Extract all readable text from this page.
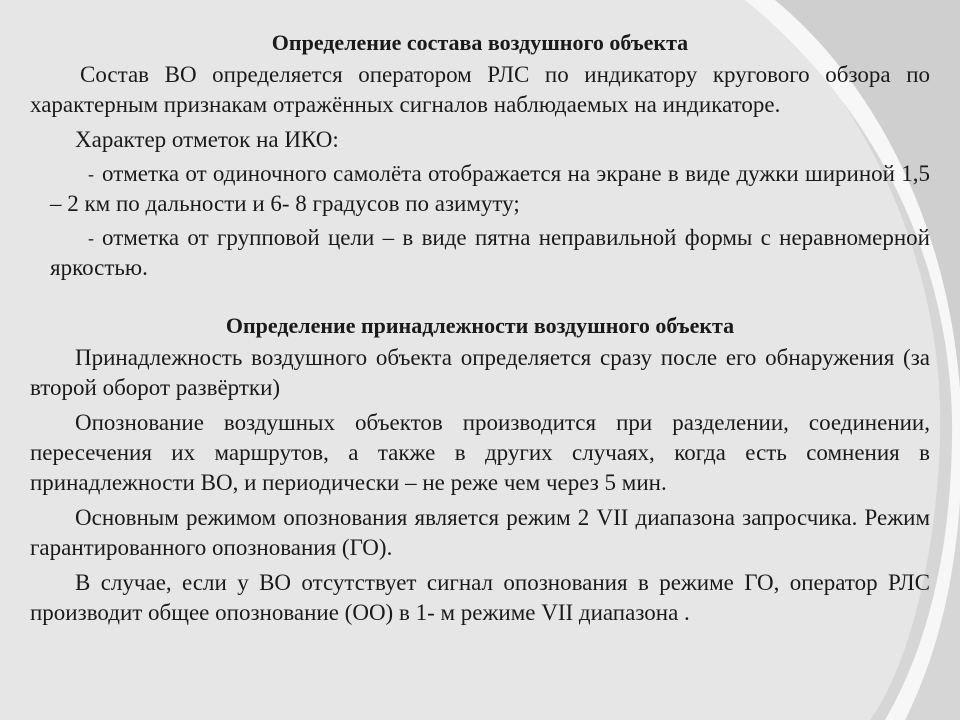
Определение состава воздушного объекта

Состав ВО определяется оператором РЛС по индикатору кругового обзора по характерным признакам отражённых сигналов наблюдаемых на индикаторе.

Характер отметок на ИКО:

- отметка от одиночного самолёта отображается на экране в виде дужки шириной 1,5 – 2 км по дальности и 6- 8 градусов по азимуту;

- отметка от групповой цели – в виде пятна неправильной формы с неравномерной яркостью.

Определение принадлежности воздушного объекта

Принадлежность воздушного объекта определяется сразу после его обнаружения (за второй оборот развёртки)

Опознование воздушных объектов производится при разделении, соединении, пересечения их маршрутов, а также в других случаях, когда есть сомнения в принадлежности ВО, и периодически – не реже чем через 5 мин.

Основным режимом опознования является режим 2 VII диапазона запросчика. Режим гарантированного опознования (ГО).

В случае, если у ВО отсутствует сигнал опознования в режиме ГО, оператор РЛС производит общее опознование (ОО) в 1- м режиме VII диапазона .
